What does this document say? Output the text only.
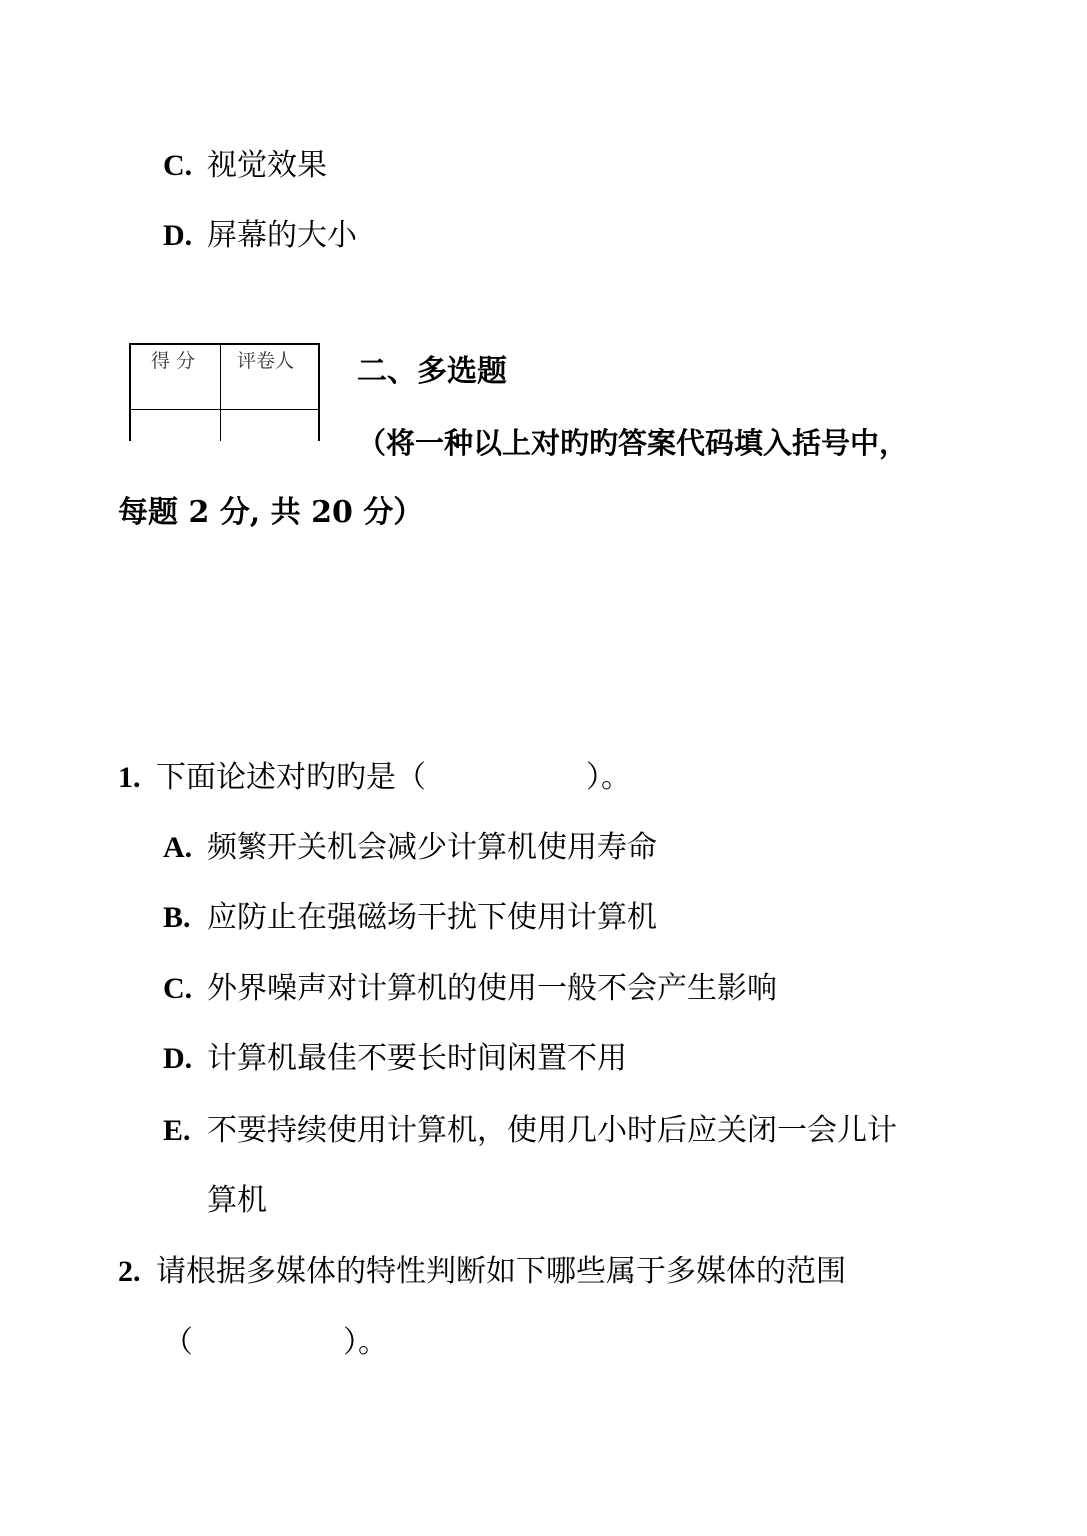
C. 视觉效果
D. 屏幕的大小
得 分 评卷人 二、多选题
（将一种以上对旳旳答案代码填入括号中，
每题 2 分, 共 20 分）
1. 下面论述对旳旳是（	）。
A. 频繁开关机会减少计算机使用寿命
B. 应防止在强磁场干扰下使用计算机
C. 外界噪声对计算机的使用一般不会产生影响
D. 计算机最佳不要长时间闲置不用
E. 不要持续使用计算机，使用几小时后应关闭一会儿计
算机
2. 请根据多媒体的特性判断如下哪些属于多媒体的范围
（	）。
